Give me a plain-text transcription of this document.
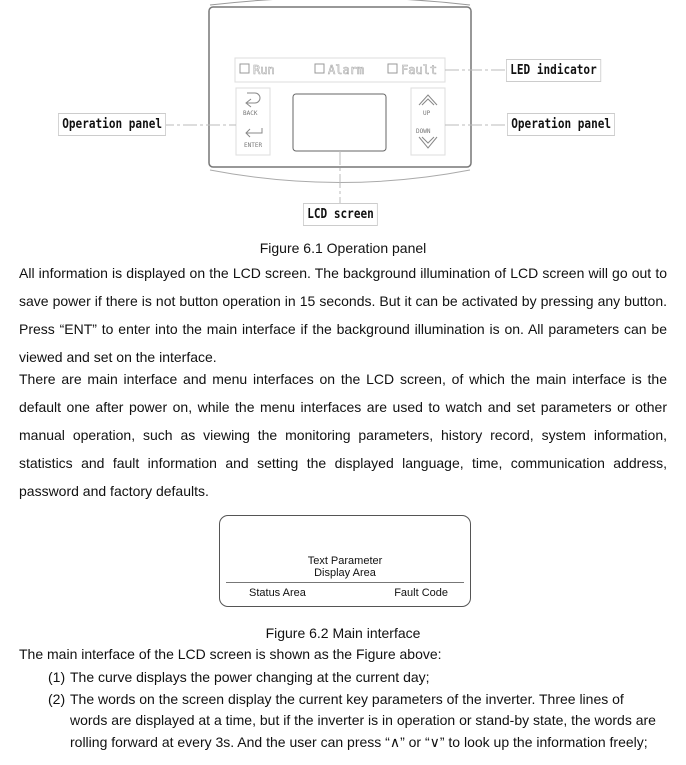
Run	Alarm	Fault
BACK
ENTER
UP
DOWN
LED indicator
Operation panel	Operation panel
LCD screen
Figure 6.1 Operation panel

All information is displayed on the LCD screen. The background illumination of LCD screen will go out to save power if there is not button operation in 15 seconds. But it can be activated by pressing any button. Press “ENT” to enter into the main interface if the background illumination is on. All parameters can be viewed and set on the interface.

There are main interface and menu interfaces on the LCD screen, of which the main interface is the default one after power on, while the menu interfaces are used to watch and set parameters or other manual operation, such as viewing the monitoring parameters, history record, system information, statistics and fault information and setting the displayed language, time, communication address, password and factory defaults.

Text Parameter
Display Area
Status Area	Fault Code
Figure 6.2 Main interface
The main interface of the LCD screen is shown as the Figure above:
(1) The curve displays the power changing at the current day;
(2) The words on the screen display the current key parameters of the inverter. Three lines of words are displayed at a time, but if the inverter is in operation or stand-by state, the words are rolling forward at every 3s. And the user can press “∧” or “∨” to look up the information freely;
